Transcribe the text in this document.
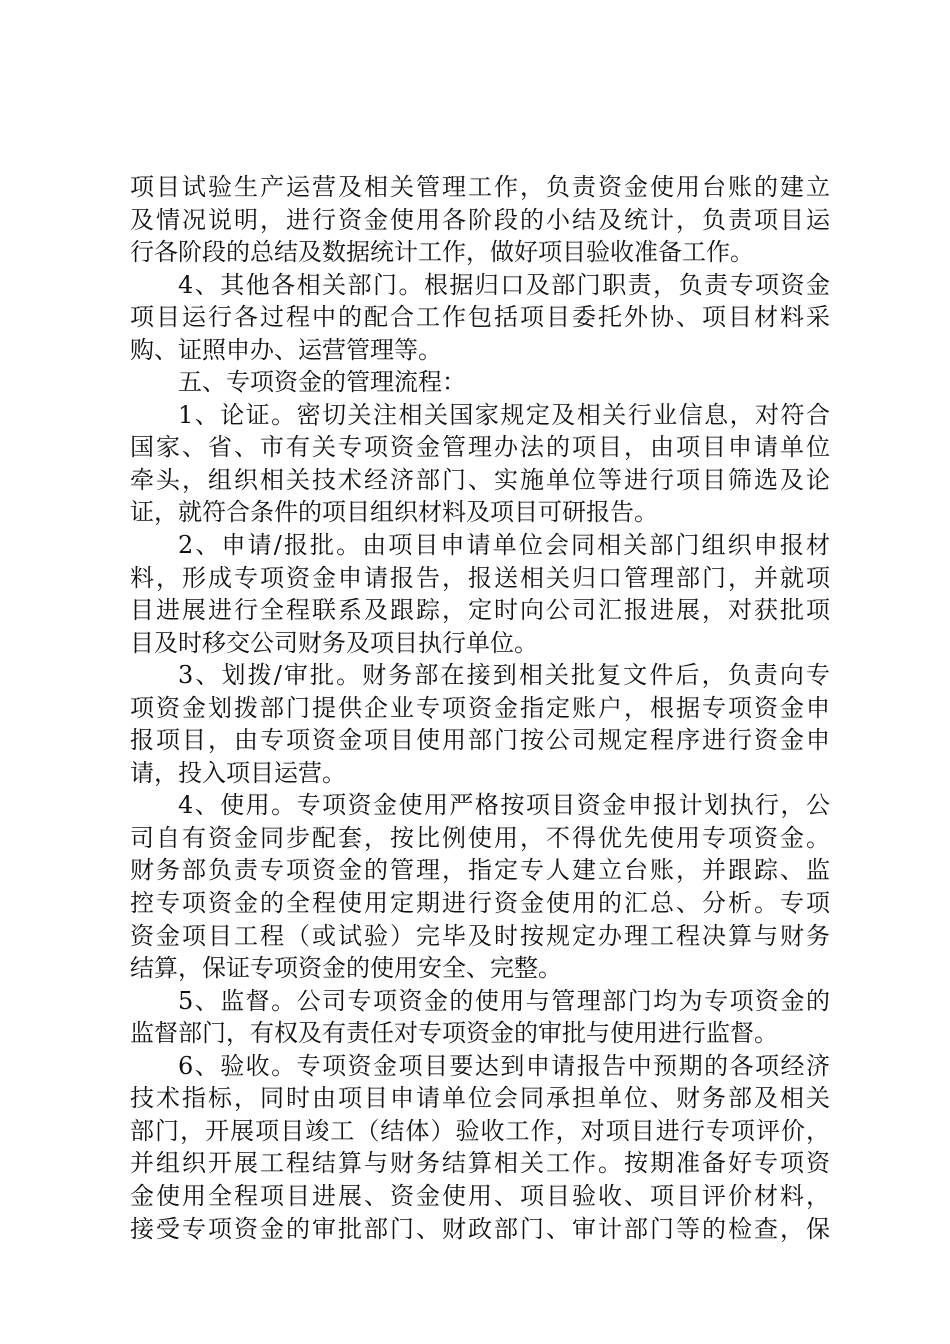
项目试验生产运营及相关管理工作，负责资金使用台账的建立
及情况说明，进行资金使用各阶段的小结及统计，负责项目运
行各阶段的总结及数据统计工作，做好项目验收准备工作。
4、其他各相关部门。根据归口及部门职责，负责专项资金
项目运行各过程中的配合工作包括项目委托外协、项目材料采
购、证照申办、运营管理等。
五、专项资金的管理流程：
1、论证。密切关注相关国家规定及相关行业信息，对符合
国家、省、市有关专项资金管理办法的项目，由项目申请单位
牵头，组织相关技术经济部门、实施单位等进行项目筛选及论
证，就符合条件的项目组织材料及项目可研报告。
2、申请/报批。由项目申请单位会同相关部门组织申报材
料，形成专项资金申请报告，报送相关归口管理部门，并就项
目进展进行全程联系及跟踪，定时向公司汇报进展，对获批项
目及时移交公司财务及项目执行单位。
3、划拨/审批。财务部在接到相关批复文件后，负责向专
项资金划拨部门提供企业专项资金指定账户，根据专项资金申
报项目，由专项资金项目使用部门按公司规定程序进行资金申
请，投入项目运营。
4、使用。专项资金使用严格按项目资金申报计划执行，公
司自有资金同步配套，按比例使用，不得优先使用专项资金。
财务部负责专项资金的管理，指定专人建立台账，并跟踪、监
控专项资金的全程使用定期进行资金使用的汇总、分析。专项
资金项目工程（或试验）完毕及时按规定办理工程决算与财务
结算，保证专项资金的使用安全、完整。
5、监督。公司专项资金的使用与管理部门均为专项资金的
监督部门，有权及有责任对专项资金的审批与使用进行监督。
6、验收。专项资金项目要达到申请报告中预期的各项经济
技术指标，同时由项目申请单位会同承担单位、财务部及相关
部门，开展项目竣工（结体）验收工作，对项目进行专项评价，
并组织开展工程结算与财务结算相关工作。按期准备好专项资
金使用全程项目进展、资金使用、项目验收、项目评价材料，
接受专项资金的审批部门、财政部门、审计部门等的检查，保
